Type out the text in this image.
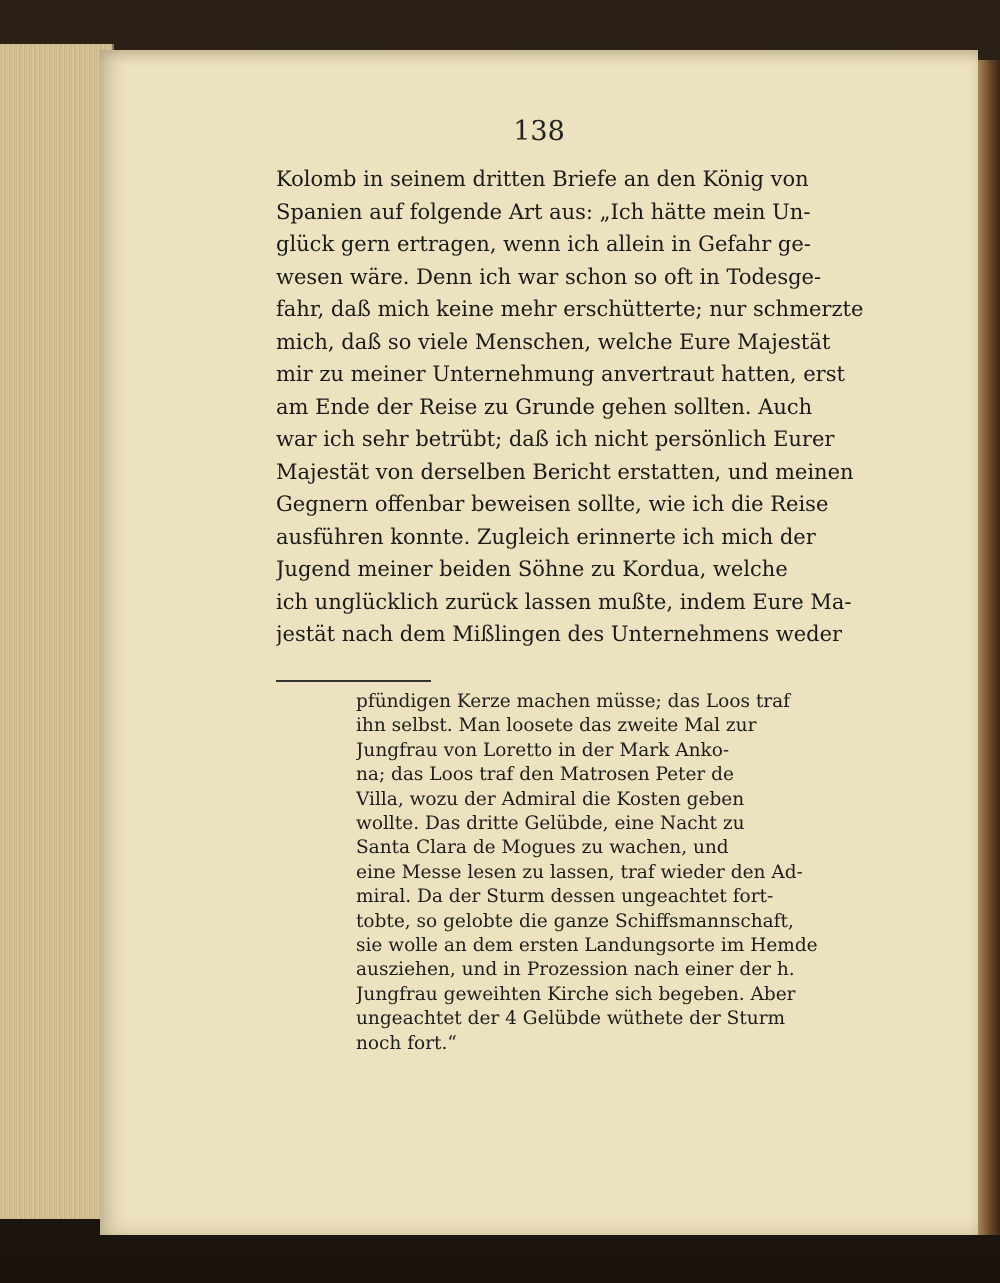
138
Kolomb in seinem dritten Briefe an den König von
Spanien auf folgende Art aus: „Ich hätte mein Un-
glück gern ertragen, wenn ich allein in Gefahr ge-
wesen wäre. Denn ich war schon so oft in Todesge-
fahr, daß mich keine mehr erschütterte; nur schmerzte
mich, daß so viele Menschen, welche Eure Majestät
mir zu meiner Unternehmung anvertraut hatten, erst
am Ende der Reise zu Grunde gehen sollten. Auch
war ich sehr betrübt; daß ich nicht persönlich Eurer
Majestät von derselben Bericht erstatten, und meinen
Gegnern offenbar beweisen sollte, wie ich die Reise
ausführen konnte. Zugleich erinnerte ich mich der
Jugend meiner beiden Söhne zu Kordua, welche
ich unglücklich zurück lassen mußte, indem Eure Ma-
jestät nach dem Mißlingen des Unternehmens weder
pfündigen Kerze machen müsse; das Loos traf
ihn selbst. Man loosete das zweite Mal zur
Jungfrau von Loretto in der Mark Anko-
na; das Loos traf den Matrosen Peter de
Villa, wozu der Admiral die Kosten geben
wollte. Das dritte Gelübde, eine Nacht zu
Santa Clara de Mogues zu wachen, und
eine Messe lesen zu lassen, traf wieder den Ad-
miral. Da der Sturm dessen ungeachtet fort-
tobte, so gelobte die ganze Schiffsmannschaft,
sie wolle an dem ersten Landungsorte im Hemde
ausziehen, und in Prozession nach einer der h.
Jungfrau geweihten Kirche sich begeben. Aber
ungeachtet der 4 Gelübde wüthete der Sturm
noch fort.“
